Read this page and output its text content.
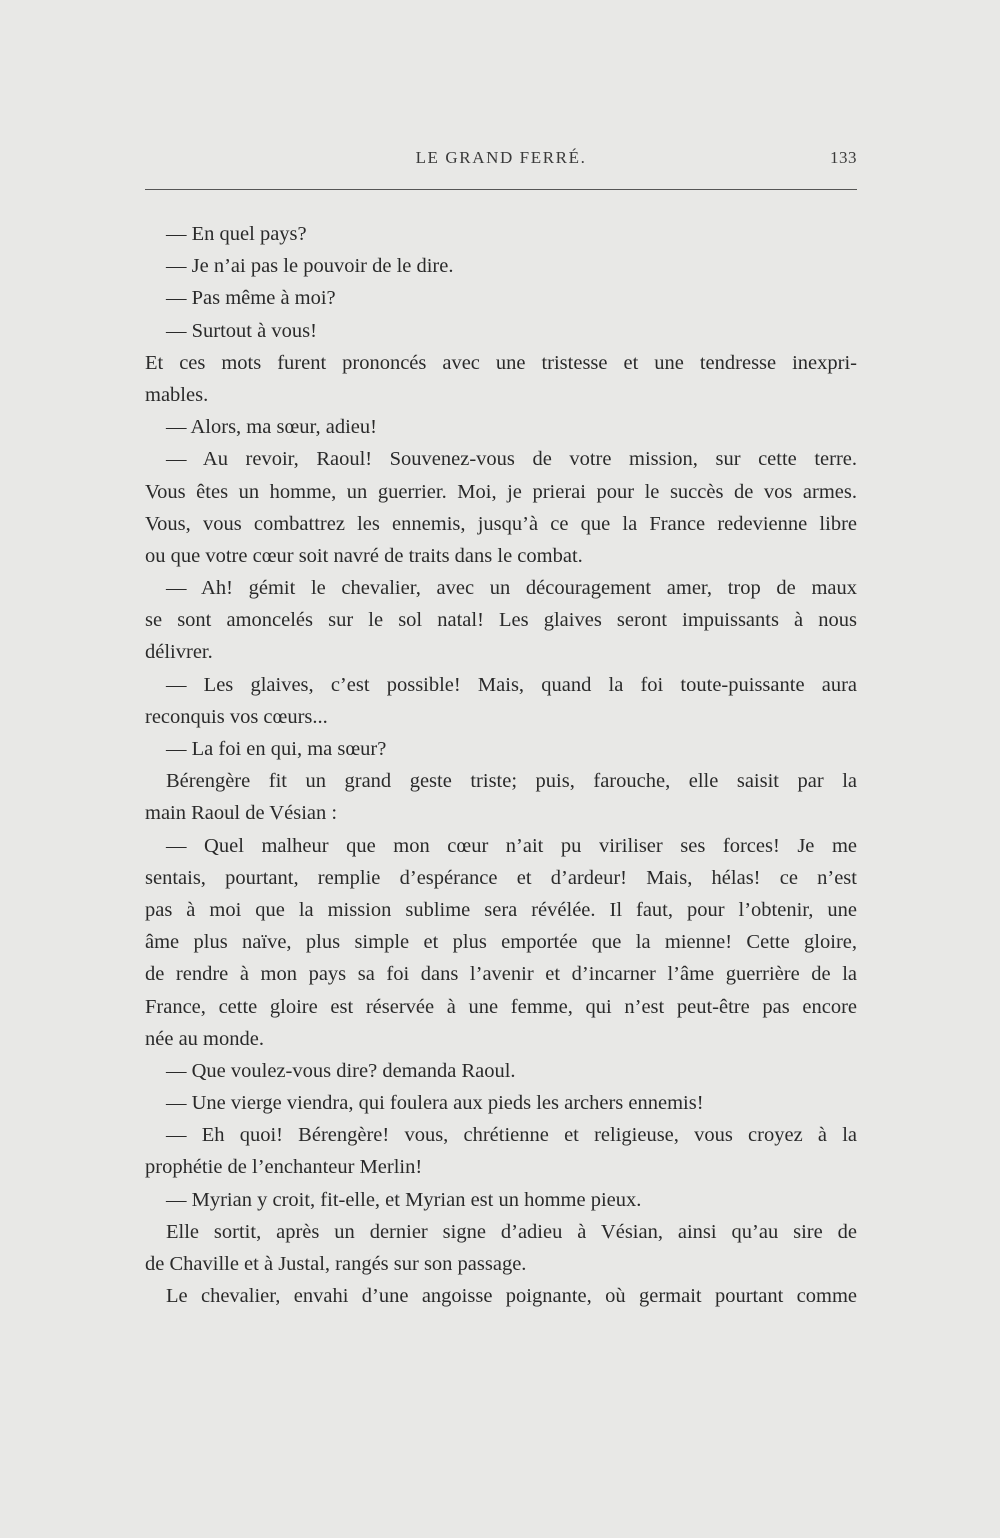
LE GRAND FERRÉ.	133
— En quel pays?
— Je n’ai pas le pouvoir de le dire.
— Pas même à moi?
— Surtout à vous!
Et ces mots furent prononcés avec une tristesse et une tendresse inexpri-
mables.
— Alors, ma sœur, adieu!
— Au revoir, Raoul! Souvenez-vous de votre mission, sur cette terre.
Vous êtes un homme, un guerrier. Moi, je prierai pour le succès de vos armes.
Vous, vous combattrez les ennemis, jusqu’à ce que la France redevienne libre
ou que votre cœur soit navré de traits dans le combat.
— Ah! gémit le chevalier, avec un découragement amer, trop de maux
se sont amoncelés sur le sol natal! Les glaives seront impuissants à nous
délivrer.
— Les glaives, c’est possible! Mais, quand la foi toute-puissante aura
reconquis vos cœurs...
— La foi en qui, ma sœur?
Bérengère fit un grand geste triste; puis, farouche, elle saisit par la
main Raoul de Vésian :
— Quel malheur que mon cœur n’ait pu viriliser ses forces! Je me
sentais, pourtant, remplie d’espérance et d’ardeur! Mais, hélas! ce n’est
pas à moi que la mission sublime sera révélée. Il faut, pour l’obtenir, une
âme plus naïve, plus simple et plus emportée que la mienne! Cette gloire,
de rendre à mon pays sa foi dans l’avenir et d’incarner l’âme guerrière de la
France, cette gloire est réservée à une femme, qui n’est peut-être pas encore
née au monde.
— Que voulez-vous dire? demanda Raoul.
— Une vierge viendra, qui foulera aux pieds les archers ennemis!
— Eh quoi! Bérengère! vous, chrétienne et religieuse, vous croyez à la
prophétie de l’enchanteur Merlin!
— Myrian y croit, fit-elle, et Myrian est un homme pieux.
Elle sortit, après un dernier signe d’adieu à Vésian, ainsi qu’au sire de
de Chaville et à Justal, rangés sur son passage.
Le chevalier, envahi d’une angoisse poignante, où germait pourtant comme
